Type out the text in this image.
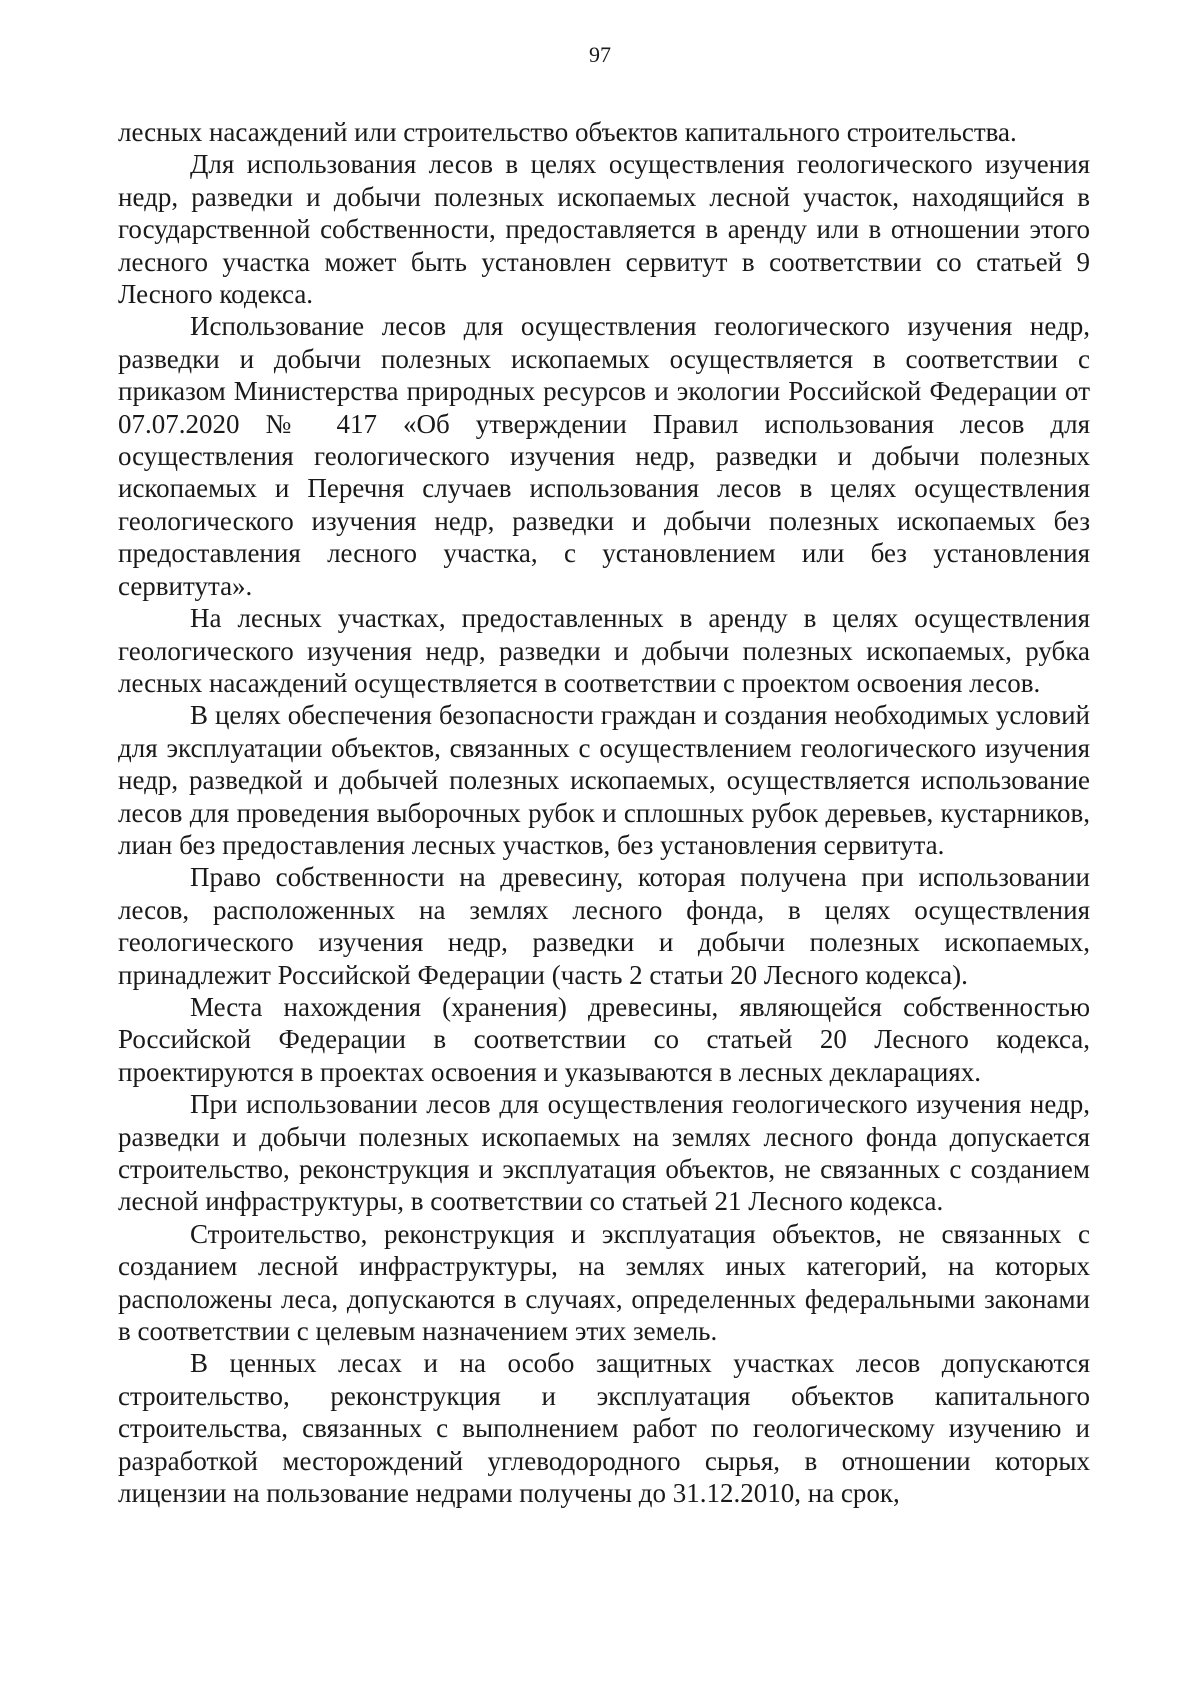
97

лесных насаждений или строительство объектов капитального строительства.

Для использования лесов в целях осуществления геологического изучения недр, разведки и добычи полезных ископаемых лесной участок, находящийся в государственной собственности, предоставляется в аренду или в отношении этого лесного участка может быть установлен сервитут в соответствии со статьей 9 Лесного кодекса.

Использование лесов для осуществления геологического изучения недр, разведки и добычи полезных ископаемых осуществляется в соответствии с приказом Министерства природных ресурсов и экологии Российской Федерации от 07.07.2020 № 417 «Об утверждении Правил использования лесов для осуществления геологического изучения недр, разведки и добычи полезных ископаемых и Перечня случаев использования лесов в целях осуществления геологического изучения недр, разведки и добычи полезных ископаемых без предоставления лесного участка, с установлением или без установления сервитута».

На лесных участках, предоставленных в аренду в целях осуществления геологического изучения недр, разведки и добычи полезных ископаемых, рубка лесных насаждений осуществляется в соответствии с проектом освоения лесов.

В целях обеспечения безопасности граждан и создания необходимых условий для эксплуатации объектов, связанных с осуществлением геологического изучения недр, разведкой и добычей полезных ископаемых, осуществляется использование лесов для проведения выборочных рубок и сплошных рубок деревьев, кустарников, лиан без предоставления лесных участков, без установления сервитута.

Право собственности на древесину, которая получена при использовании лесов, расположенных на землях лесного фонда, в целях осуществления геологического изучения недр, разведки и добычи полезных ископаемых, принадлежит Российской Федерации (часть 2 статьи 20 Лесного кодекса).

Места нахождения (хранения) древесины, являющейся собственностью Российской Федерации в соответствии со статьей 20 Лесного кодекса, проектируются в проектах освоения и указываются в лесных декларациях.

При использовании лесов для осуществления геологического изучения недр, разведки и добычи полезных ископаемых на землях лесного фонда допускается строительство, реконструкция и эксплуатация объектов, не связанных с созданием лесной инфраструктуры, в соответствии со статьей 21 Лесного кодекса.

Строительство, реконструкция и эксплуатация объектов, не связанных с созданием лесной инфраструктуры, на землях иных категорий, на которых расположены леса, допускаются в случаях, определенных федеральными законами в соответствии с целевым назначением этих земель.

В ценных лесах и на особо защитных участках лесов допускаются строительство, реконструкция и эксплуатация объектов капитального строительства, связанных с выполнением работ по геологическому изучению и разработкой месторождений углеводородного сырья, в отношении которых лицензии на пользование недрами получены до 31.12.2010, на срок,
